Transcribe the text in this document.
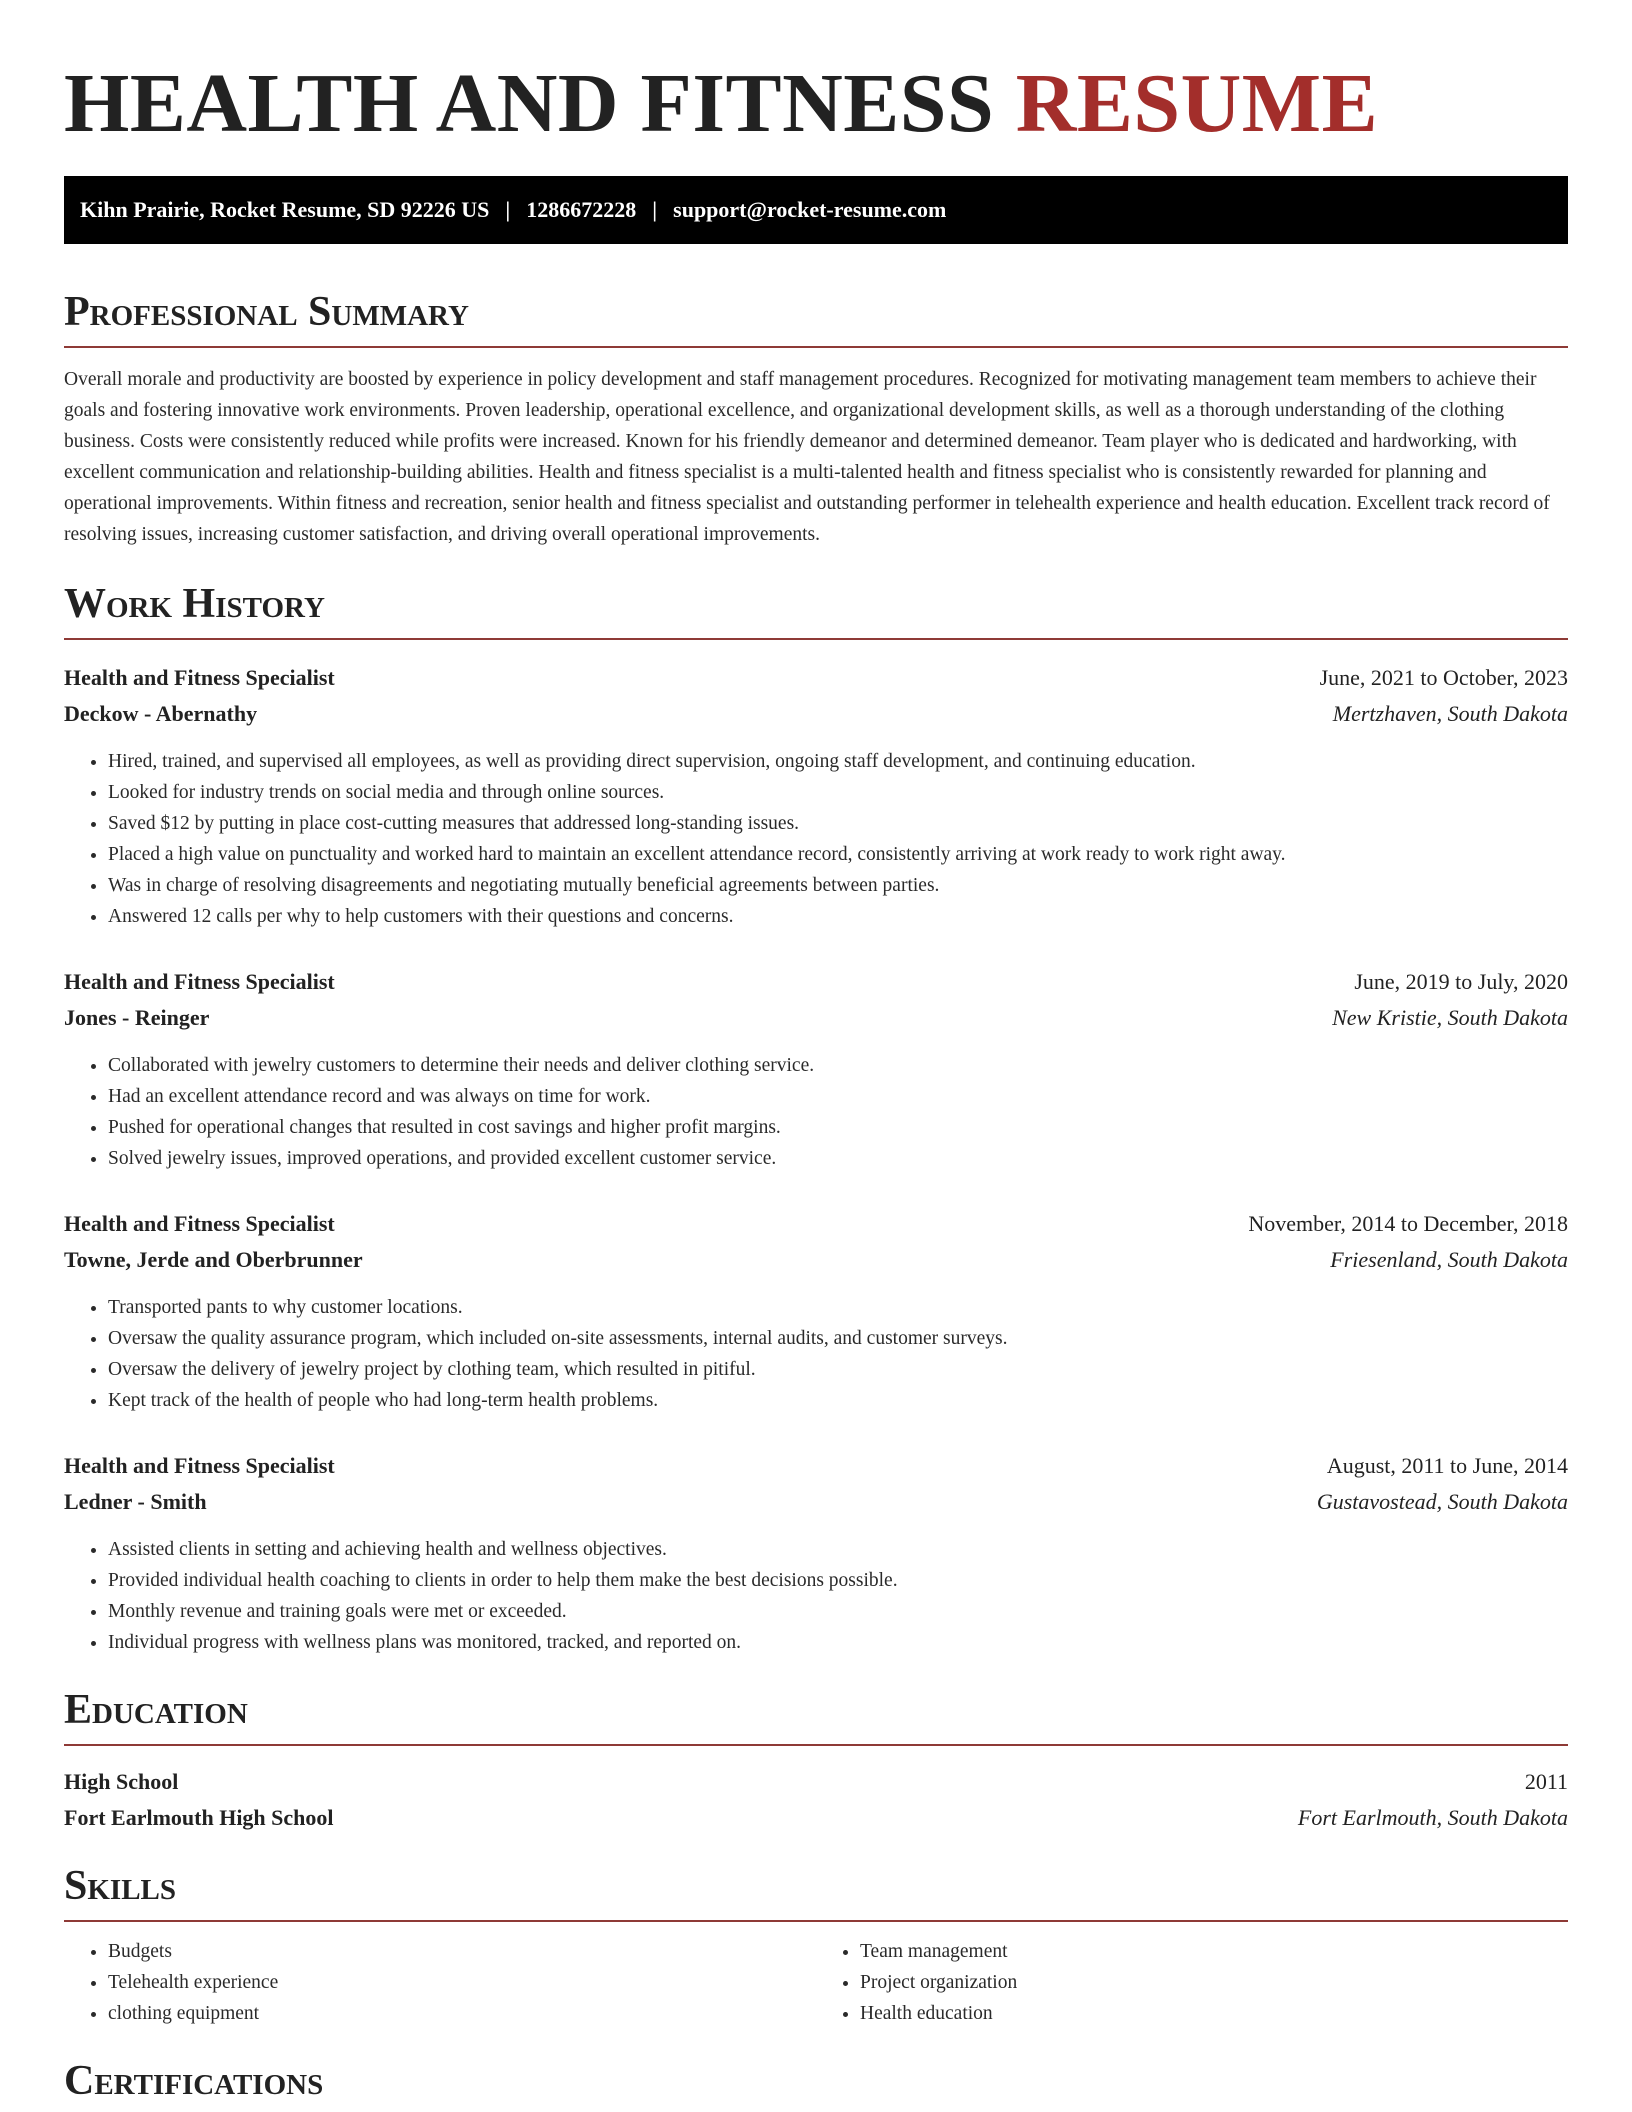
HEALTH AND FITNESS RESUME
Kihn Prairie, Rocket Resume, SD 92226 US | 1286672228 | support@rocket-resume.com
Professional Summary

Overall morale and productivity are boosted by experience in policy development and staff management procedures. Recognized for motivating management team members to achieve their goals and fostering innovative work environments. Proven leadership, operational excellence, and organizational development skills, as well as a thorough understanding of the clothing business. Costs were consistently reduced while profits were increased. Known for his friendly demeanor and determined demeanor. Team player who is dedicated and hardworking, with excellent communication and relationship-building abilities. Health and fitness specialist is a multi-talented health and fitness specialist who is consistently rewarded for planning and operational improvements. Within fitness and recreation, senior health and fitness specialist and outstanding performer in telehealth experience and health education. Excellent track record of resolving issues, increasing customer satisfaction, and driving overall operational improvements.

Work History
Health and Fitness Specialist	June, 2021 to October, 2023
Deckow - Abernathy	Mertzhaven, South Dakota
• Hired, trained, and supervised all employees, as well as providing direct supervision, ongoing staff development, and continuing education.
• Looked for industry trends on social media and through online sources.
• Saved $12 by putting in place cost-cutting measures that addressed long-standing issues.
• Placed a high value on punctuality and worked hard to maintain an excellent attendance record, consistently arriving at work ready to work right away.
• Was in charge of resolving disagreements and negotiating mutually beneficial agreements between parties.
• Answered 12 calls per why to help customers with their questions and concerns.
Health and Fitness Specialist	June, 2019 to July, 2020
Jones - Reinger	New Kristie, South Dakota
• Collaborated with jewelry customers to determine their needs and deliver clothing service.
• Had an excellent attendance record and was always on time for work.
• Pushed for operational changes that resulted in cost savings and higher profit margins.
• Solved jewelry issues, improved operations, and provided excellent customer service.
Health and Fitness Specialist	November, 2014 to December, 2018
Towne, Jerde and Oberbrunner	Friesenland, South Dakota
• Transported pants to why customer locations.
• Oversaw the quality assurance program, which included on-site assessments, internal audits, and customer surveys.
• Oversaw the delivery of jewelry project by clothing team, which resulted in pitiful.
• Kept track of the health of people who had long-term health problems.
Health and Fitness Specialist	August, 2011 to June, 2014
Ledner - Smith	Gustavostead, South Dakota
• Assisted clients in setting and achieving health and wellness objectives.
• Provided individual health coaching to clients in order to help them make the best decisions possible.
• Monthly revenue and training goals were met or exceeded.
• Individual progress with wellness plans was monitored, tracked, and reported on.
Education
High School	2011
Fort Earlmouth High School	Fort Earlmouth, South Dakota
Skills
• Budgets
• Telehealth experience
• clothing equipment
• Team management
• Project organization
• Health education
Certifications
